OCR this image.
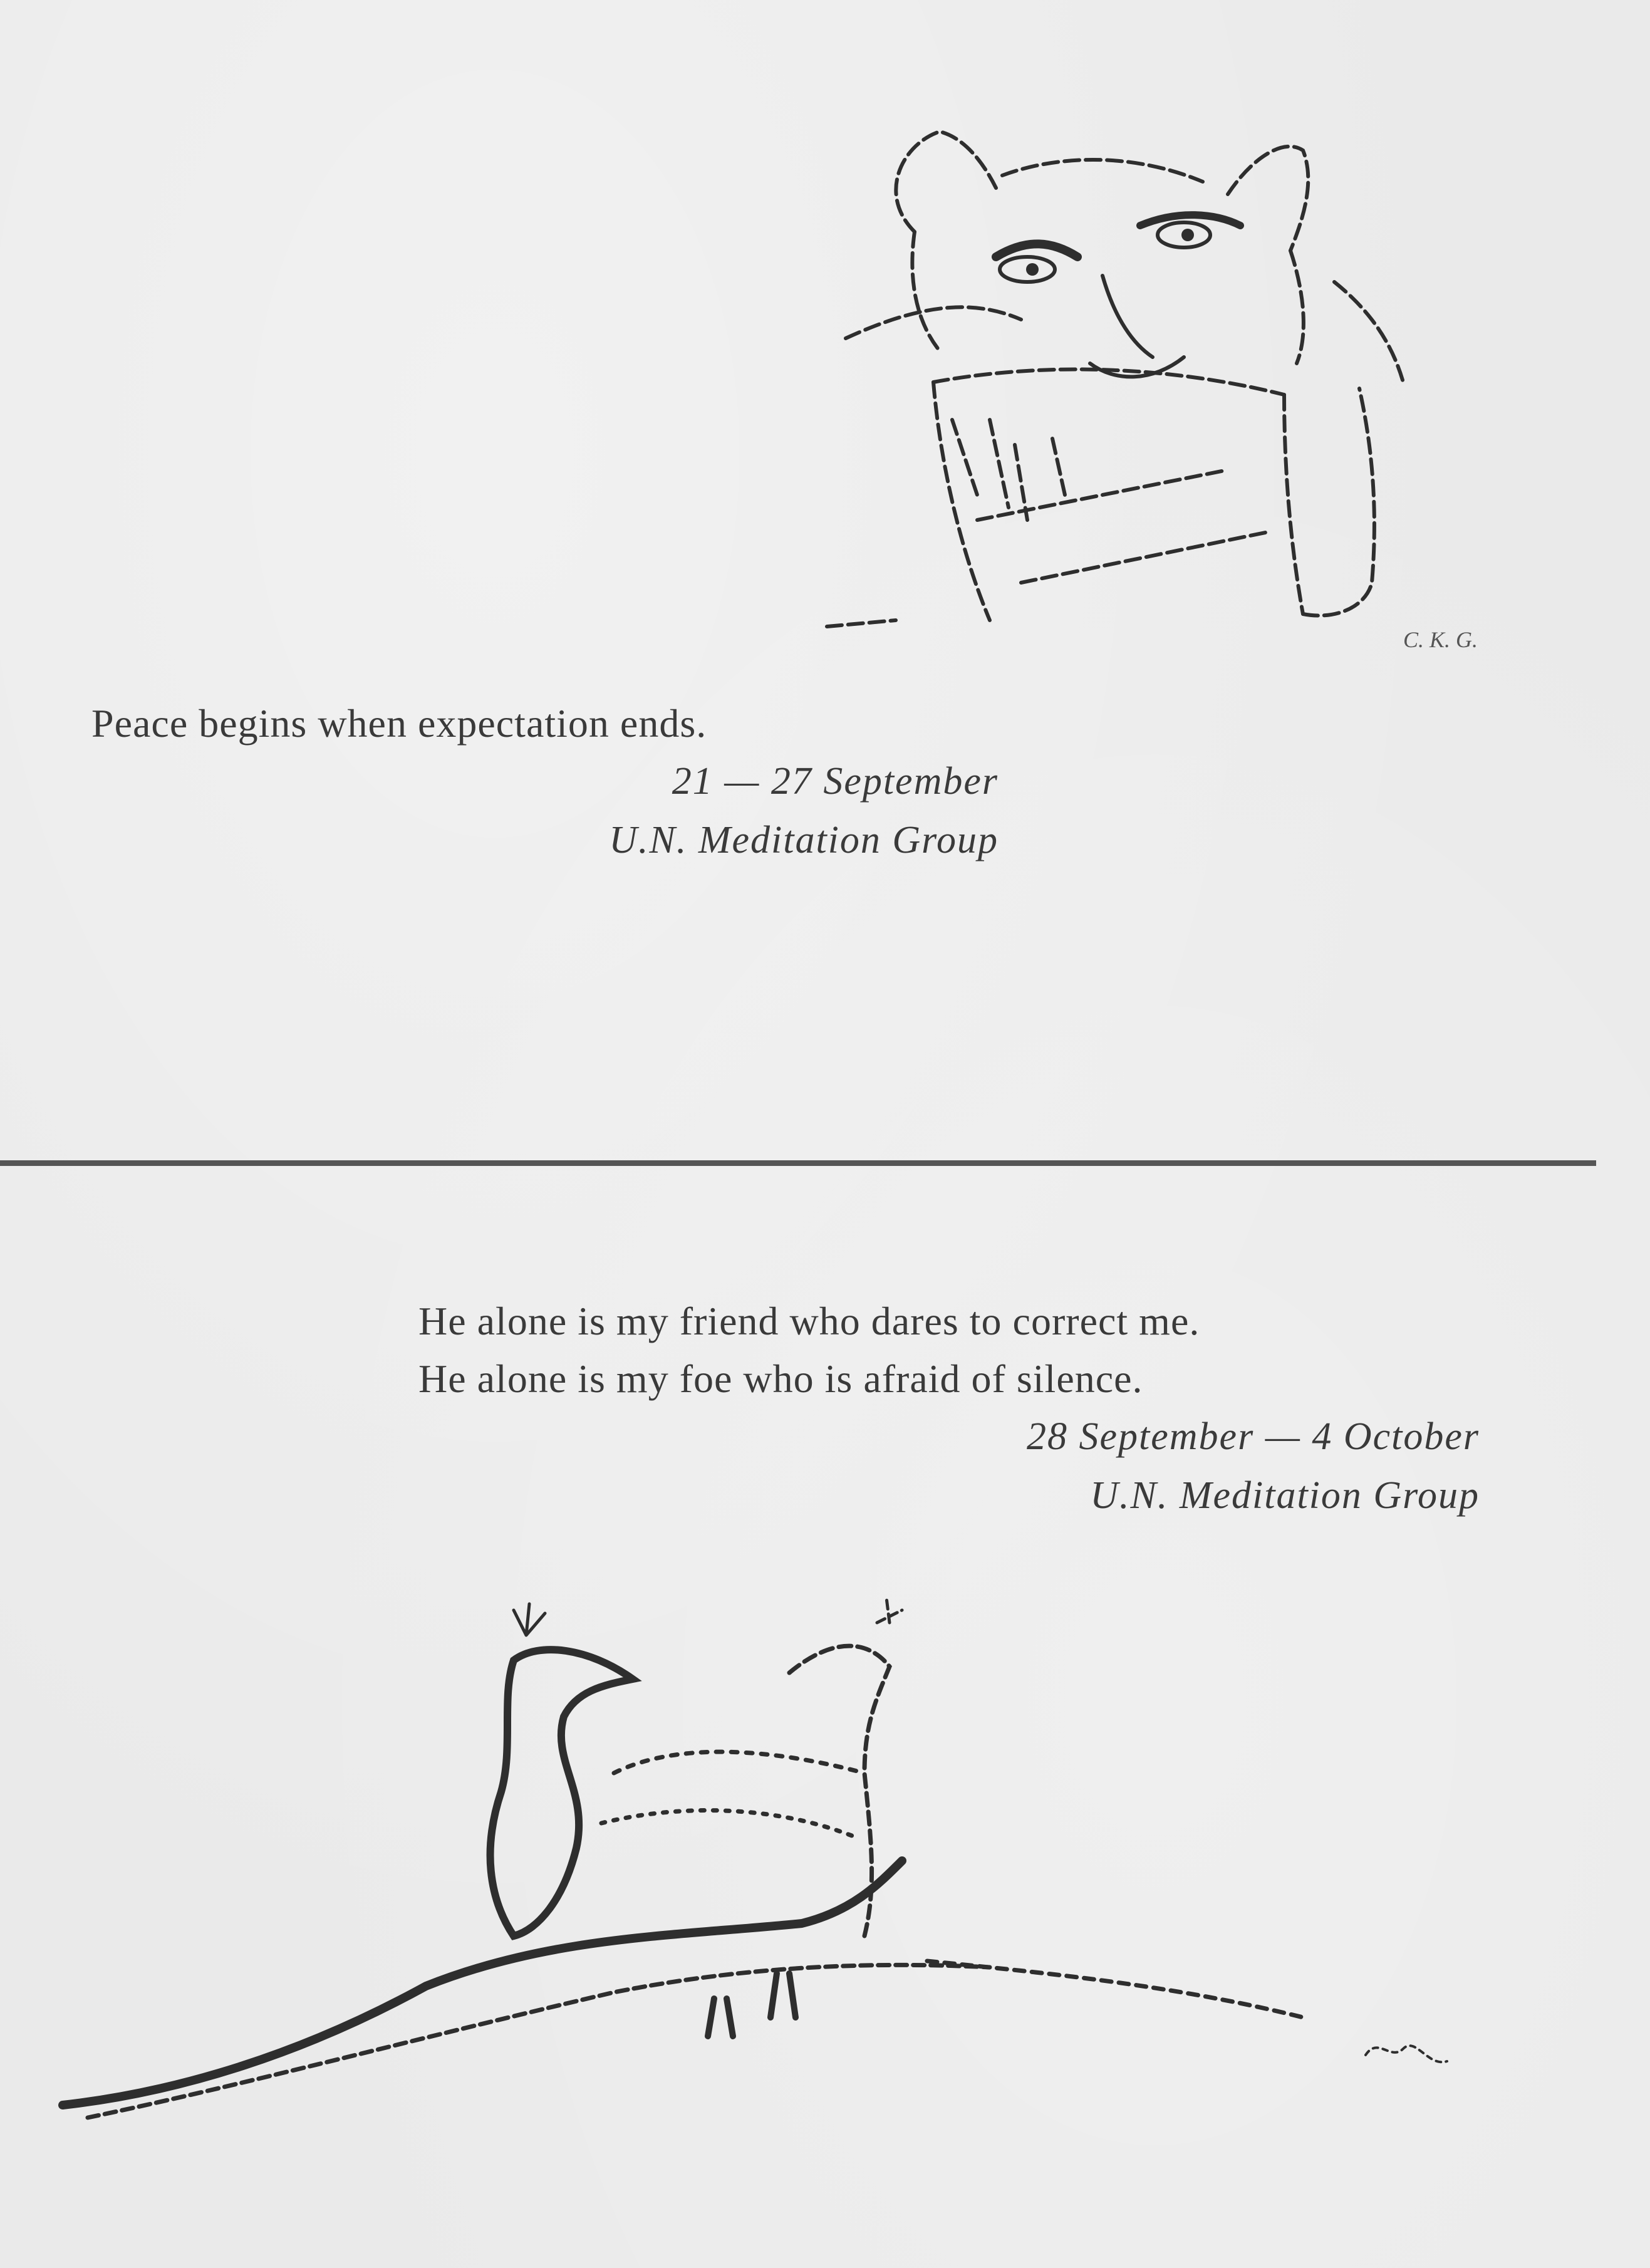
C. K. G.
Peace begins when expectation ends.
21 — 27 September
U.N. Meditation Group
He alone is my friend who dares to correct me.
He alone is my foe who is afraid of silence.
28 September — 4 October
U.N. Meditation Group
